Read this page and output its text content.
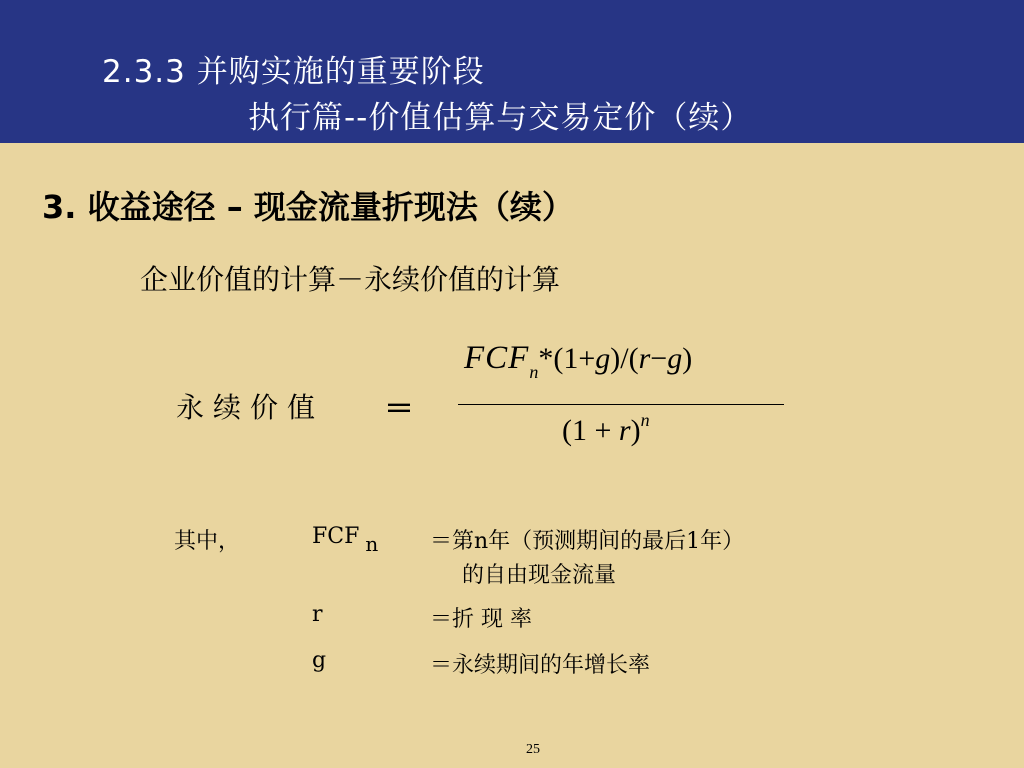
2.3.3 并购实施的重要阶段
执行篇--价值估算与交易定价（续）
3. 收益途径 – 现金流量折现法（续）
企业价值的计算－永续价值的计算
永续价值 ＝
$FCF_n*(1+g)/(r-g)$
$(1 + r)^n$
其中，	FCF n ＝第n年（预测期间的最后1年）
的自由现金流量
r	＝折 现 率
g	＝永续期间的年增长率
25
